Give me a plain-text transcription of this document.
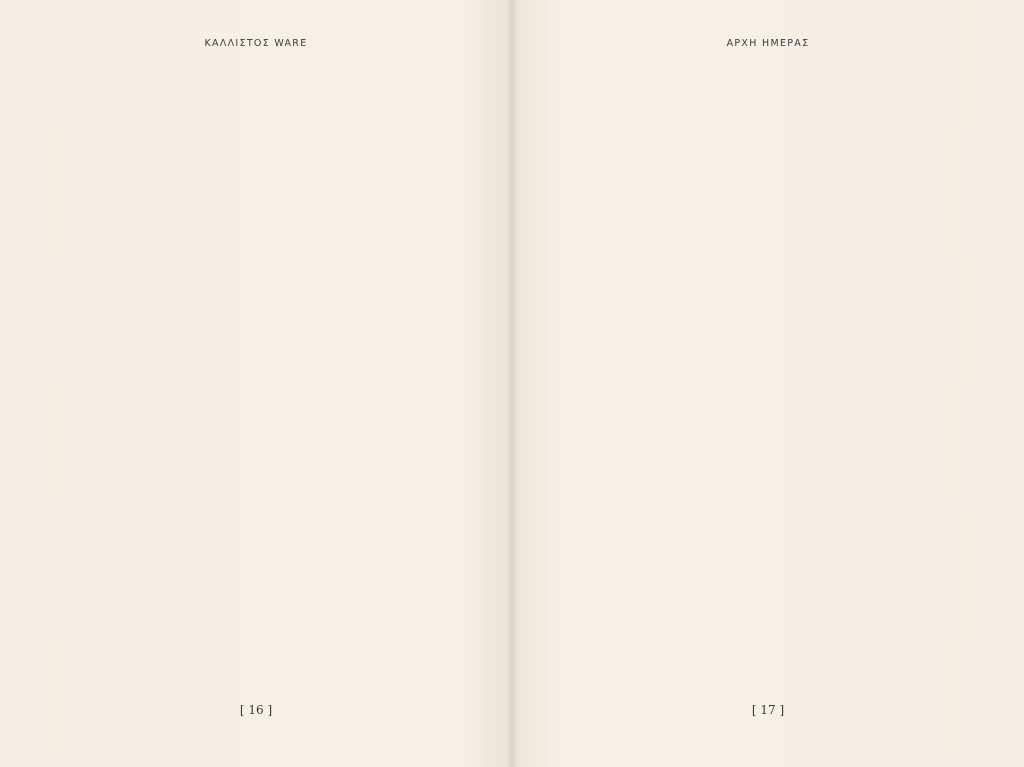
ΚΑΛΛΙΣΤΟΣ WARE
[ 16 ]
ΑΡΧΗ ΗΜΕΡΑΣ
[ 17 ]
